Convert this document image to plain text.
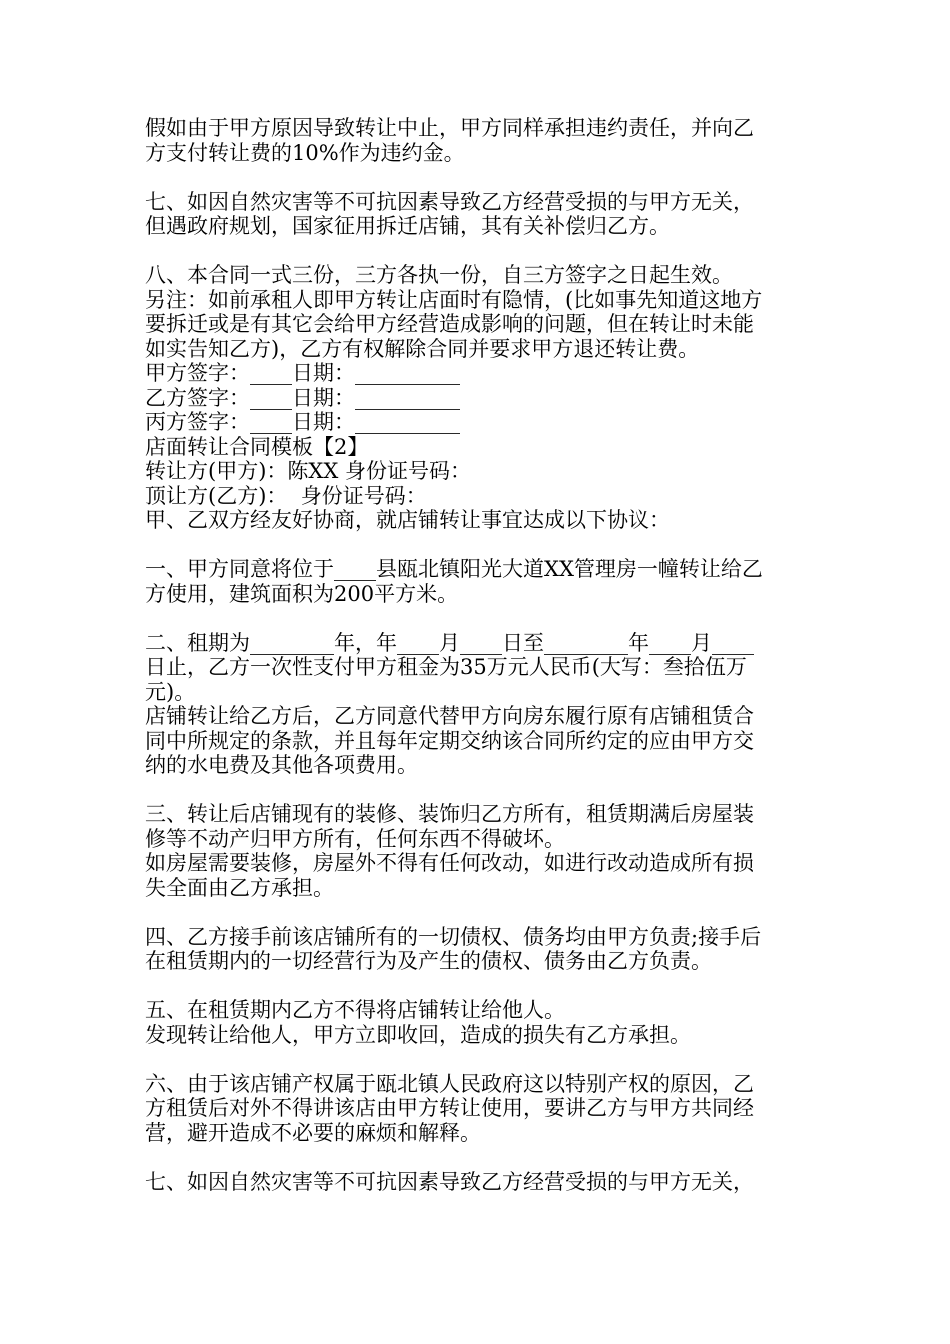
假如由于甲方原因导致转让中止，甲方同样承担违约责任，并向乙
方支付转让费的10%作为违约金。
七、如因自然灾害等不可抗因素导致乙方经营受损的与甲方无关，
但遇政府规划，国家征用拆迁店铺，其有关补偿归乙方。
八、本合同一式三份，三方各执一份，自三方签字之日起生效。
另注：如前承租人即甲方转让店面时有隐情，(比如事先知道这地方
要拆迁或是有其它会给甲方经营造成影响的问题，但在转让时未能
如实告知乙方)，乙方有权解除合同并要求甲方退还转让费。
甲方签字：____日期：__________
乙方签字：____日期：__________
丙方签字：____日期：__________
店面转让合同模板【2】
转让方(甲方)：陈XX 身份证号码：
顶让方(乙方)：  身份证号码：
甲、乙双方经友好协商，就店铺转让事宜达成以下协议：
一、甲方同意将位于____县瓯北镇阳光大道XX管理房一幢转让给乙
方使用，建筑面积为200平方米。
二、租期为________年，年____月____日至________年____月____
日止，乙方一次性支付甲方租金为35万元人民币(大写：叁拾伍万
元)。
店铺转让给乙方后，乙方同意代替甲方向房东履行原有店铺租赁合
同中所规定的条款，并且每年定期交纳该合同所约定的应由甲方交
纳的水电费及其他各项费用。
三、转让后店铺现有的装修、装饰归乙方所有，租赁期满后房屋装
修等不动产归甲方所有，任何东西不得破坏。
如房屋需要装修，房屋外不得有任何改动，如进行改动造成所有损
失全面由乙方承担。
四、乙方接手前该店铺所有的一切债权、债务均由甲方负责;接手后
在租赁期内的一切经营行为及产生的债权、债务由乙方负责。
五、在租赁期内乙方不得将店铺转让给他人。
发现转让给他人，甲方立即收回，造成的损失有乙方承担。
六、由于该店铺产权属于瓯北镇人民政府这以特别产权的原因，乙
方租赁后对外不得讲该店由甲方转让使用，要讲乙方与甲方共同经
营，避开造成不必要的麻烦和解释。
七、如因自然灾害等不可抗因素导致乙方经营受损的与甲方无关，
